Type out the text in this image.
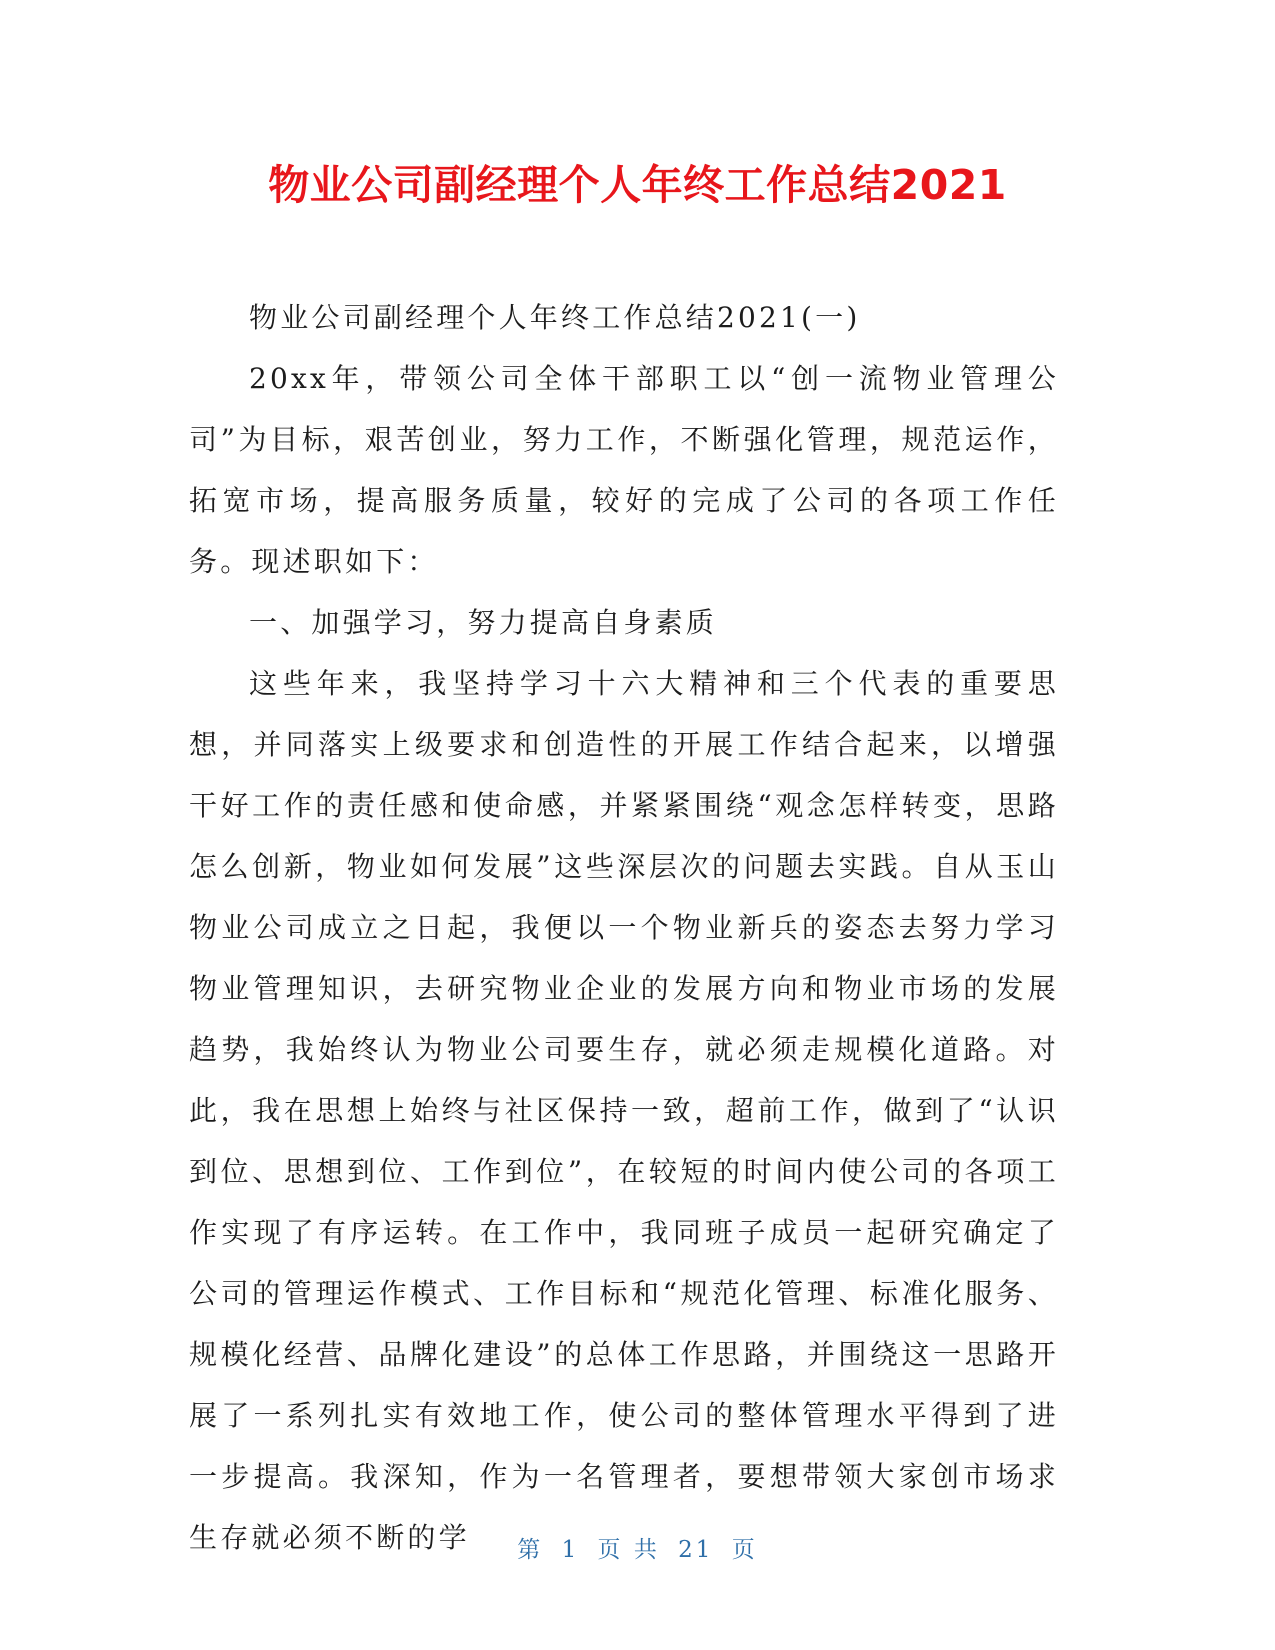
物业公司副经理个人年终工作总结2021

物业公司副经理个人年终工作总结2021(一)

20xx年，带领公司全体干部职工以“创一流物业管理公司”为目标，艰苦创业，努力工作，不断强化管理，规范运作，拓宽市场，提高服务质量，较好的完成了公司的各项工作任务。现述职如下：

一、加强学习，努力提高自身素质

这些年来，我坚持学习十六大精神和三个代表的重要思想，并同落实上级要求和创造性的开展工作结合起来，以增强干好工作的责任感和使命感，并紧紧围绕“观念怎样转变，思路怎么创新，物业如何发展”这些深层次的问题去实践。自从玉山物业公司成立之日起，我便以一个物业新兵的姿态去努力学习物业管理知识，去研究物业企业的发展方向和物业市场的发展趋势，我始终认为物业公司要生存，就必须走规模化道路。对此，我在思想上始终与社区保持一致，超前工作，做到了“认识到位、思想到位、工作到位”，在较短的时间内使公司的各项工作实现了有序运转。在工作中，我同班子成员一起研究确定了公司的管理运作模式、工作目标和“规范化管理、标准化服务、规模化经营、品牌化建设”的总体工作思路，并围绕这一思路开展了一系列扎实有效地工作，使公司的整体管理水平得到了进一步提高。我深知，作为一名管理者，要想带领大家创市场求生存就必须不断的学	第 1 页 共 21 页
